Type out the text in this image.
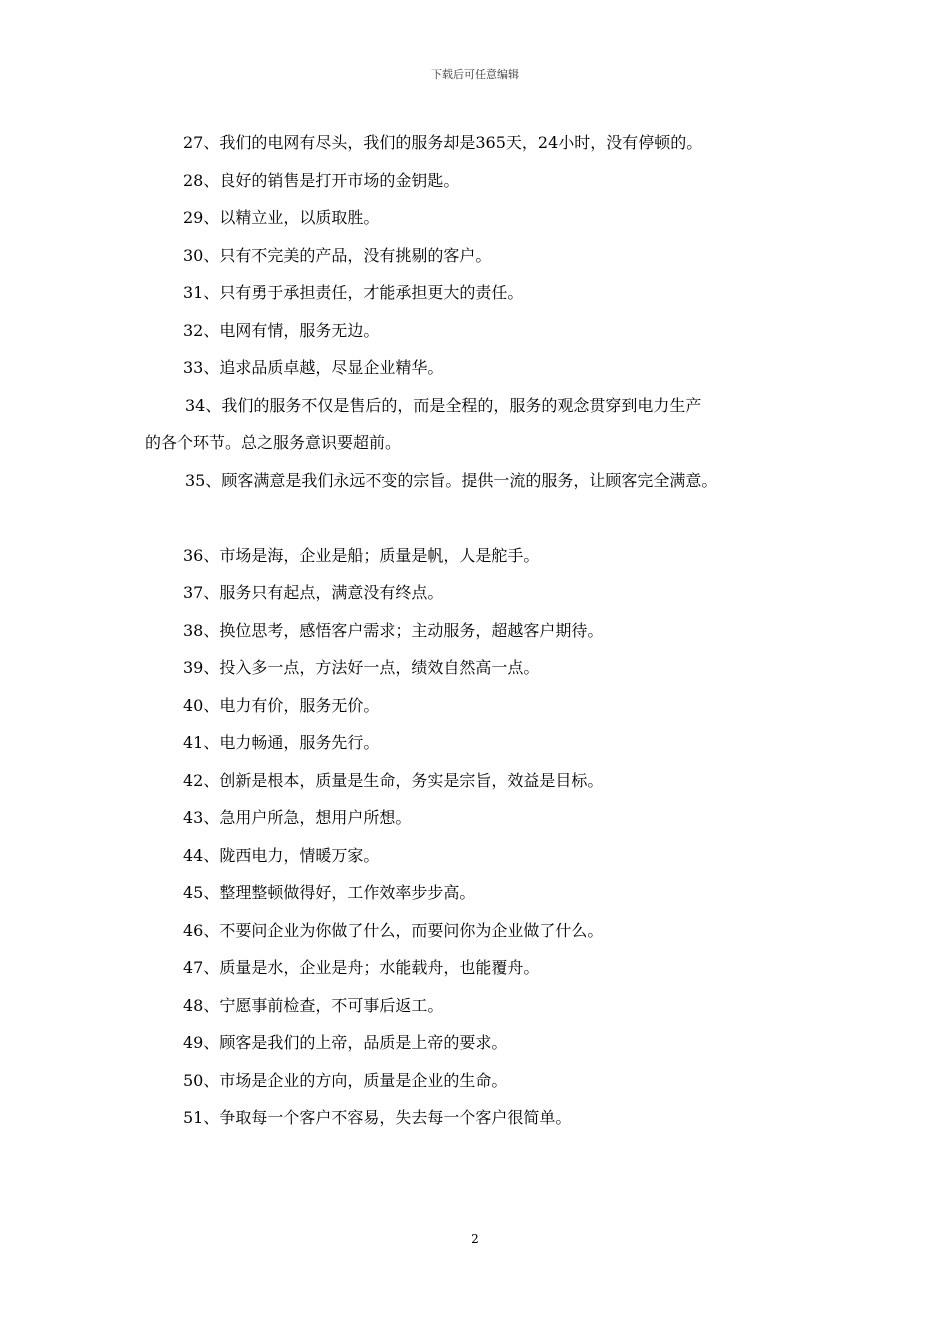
下载后可任意编辑
27、我们的电网有尽头，我们的服务却是365天，24小时，没有停顿的。
28、良好的销售是打开市场的金钥匙。
29、以精立业，以质取胜。
30、只有不完美的产品，没有挑剔的客户。
31、只有勇于承担责任，才能承担更大的责任。
32、电网有情，服务无边。
33、追求品质卓越，尽显企业精华。
34、我们的服务不仅是售后的，而是全程的，服务的观念贯穿到电力生产
的各个环节。总之服务意识要超前。
35、顾客满意是我们永远不变的宗旨。提供一流的服务，让顾客完全满意。
36、市场是海，企业是船；质量是帆，人是舵手。
37、服务只有起点，满意没有终点。
38、换位思考，感悟客户需求；主动服务，超越客户期待。
39、投入多一点，方法好一点，绩效自然高一点。
40、电力有价，服务无价。
41、电力畅通，服务先行。
42、创新是根本，质量是生命，务实是宗旨，效益是目标。
43、急用户所急，想用户所想。
44、陇西电力，情暖万家。
45、整理整顿做得好，工作效率步步高。
46、不要问企业为你做了什么，而要问你为企业做了什么。
47、质量是水，企业是舟；水能载舟，也能覆舟。
48、宁愿事前检查，不可事后返工。
49、顾客是我们的上帝，品质是上帝的要求。
50、市场是企业的方向，质量是企业的生命。
51、争取每一个客户不容易，失去每一个客户很简单。
2
